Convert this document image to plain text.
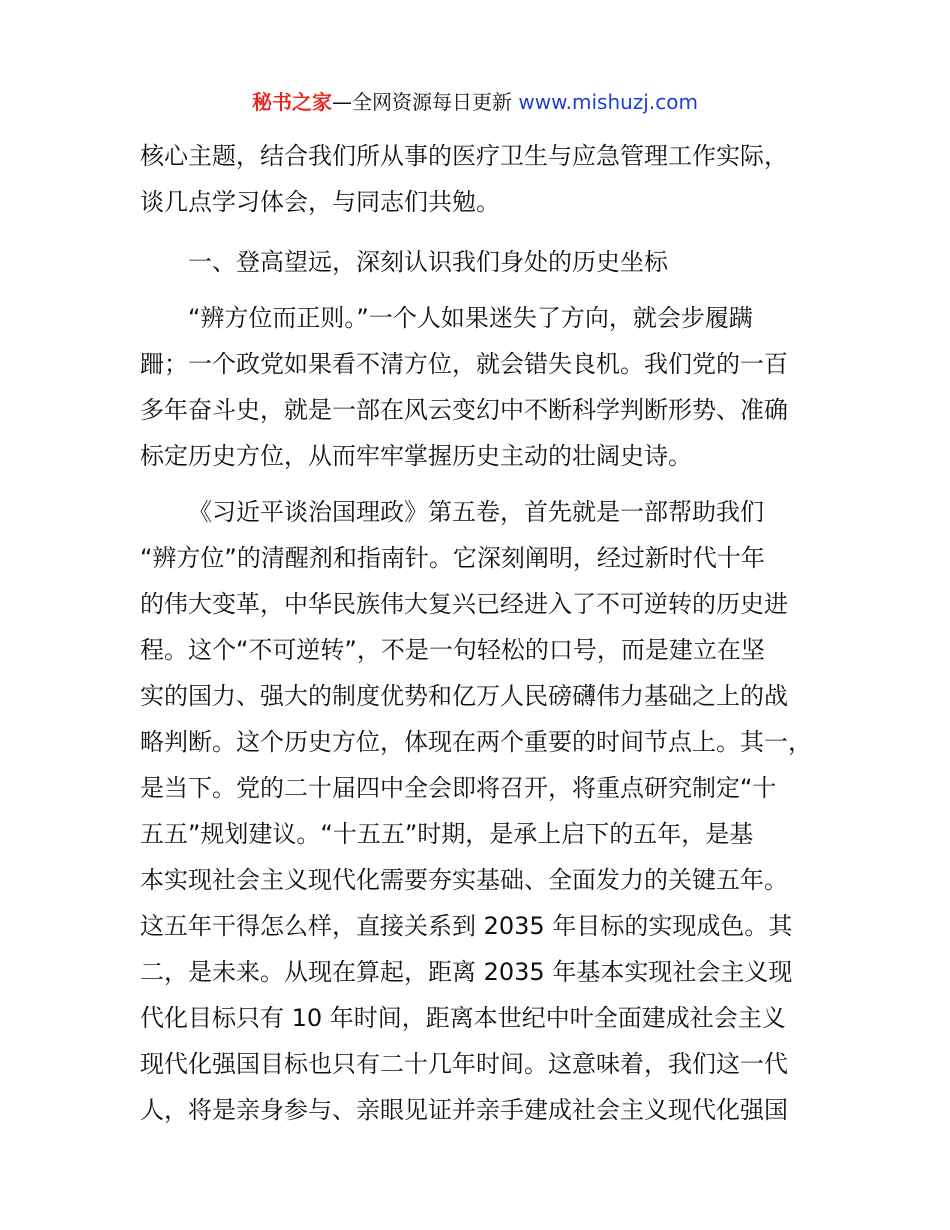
秘书之家—全网资源每日更新 www.mishuzj.com
核心主题，结合我们所从事的医疗卫生与应急管理工作实际，
谈几点学习体会，与同志们共勉。
一、登高望远，深刻认识我们身处的历史坐标
“辨方位而正则。”一个人如果迷失了方向，就会步履蹒
跚；一个政党如果看不清方位，就会错失良机。我们党的一百
多年奋斗史，就是一部在风云变幻中不断科学判断形势、准确
标定历史方位，从而牢牢掌握历史主动的壮阔史诗。
《习近平谈治国理政》第五卷，首先就是一部帮助我们
“辨方位”的清醒剂和指南针。它深刻阐明，经过新时代十年
的伟大变革，中华民族伟大复兴已经进入了不可逆转的历史进
程。这个“不可逆转”，不是一句轻松的口号，而是建立在坚
实的国力、强大的制度优势和亿万人民磅礴伟力基础之上的战
略判断。这个历史方位，体现在两个重要的时间节点上。其一，
是当下。党的二十届四中全会即将召开，将重点研究制定“十
五五”规划建议。“十五五”时期，是承上启下的五年，是基
本实现社会主义现代化需要夯实基础、全面发力的关键五年。
这五年干得怎么样，直接关系到 2035 年目标的实现成色。其
二，是未来。从现在算起，距离 2035 年基本实现社会主义现
代化目标只有 10 年时间，距离本世纪中叶全面建成社会主义
现代化强国目标也只有二十几年时间。这意味着，我们这一代
人，将是亲身参与、亲眼见证并亲手建成社会主义现代化强国
